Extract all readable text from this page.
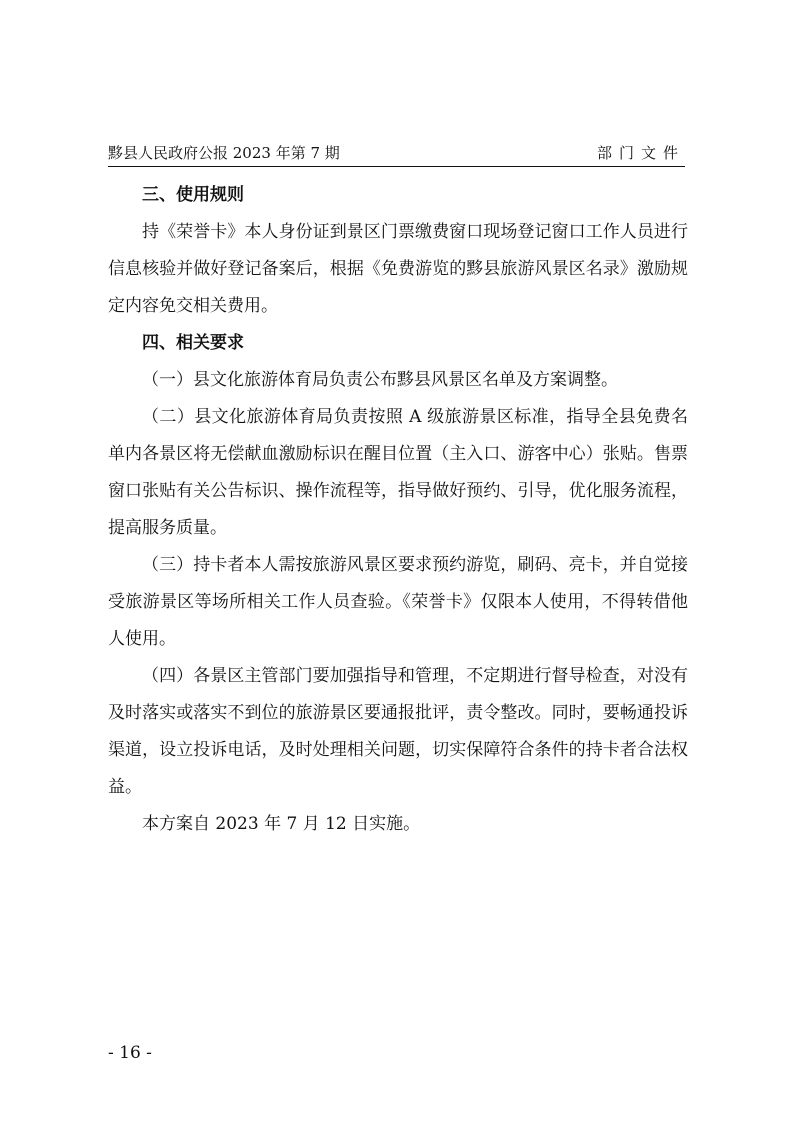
黟县人民政府公报 2023 年第 7 期	部门文件
三、使用规则

持《荣誉卡》本人身份证到景区门票缴费窗口现场登记窗口工作人员进行信息核验并做好登记备案后，根据《免费游览的黟县旅游风景区名录》激励规定内容免交相关费用。

四、相关要求

（一）县文化旅游体育局负责公布黟县风景区名单及方案调整。

（二）县文化旅游体育局负责按照 A 级旅游景区标准，指导全县免费名单内各景区将无偿献血激励标识在醒目位置（主入口、游客中心）张贴。售票窗口张贴有关公告标识、操作流程等，指导做好预约、引导，优化服务流程，提高服务质量。

（三）持卡者本人需按旅游风景区要求预约游览，刷码、亮卡，并自觉接受旅游景区等场所相关工作人员查验。《荣誉卡》仅限本人使用，不得转借他人使用。

（四）各景区主管部门要加强指导和管理，不定期进行督导检查，对没有及时落实或落实不到位的旅游景区要通报批评，责令整改。同时，要畅通投诉渠道，设立投诉电话，及时处理相关问题，切实保障符合条件的持卡者合法权益。

本方案自 2023 年 7 月 12 日实施。

- 16 -
